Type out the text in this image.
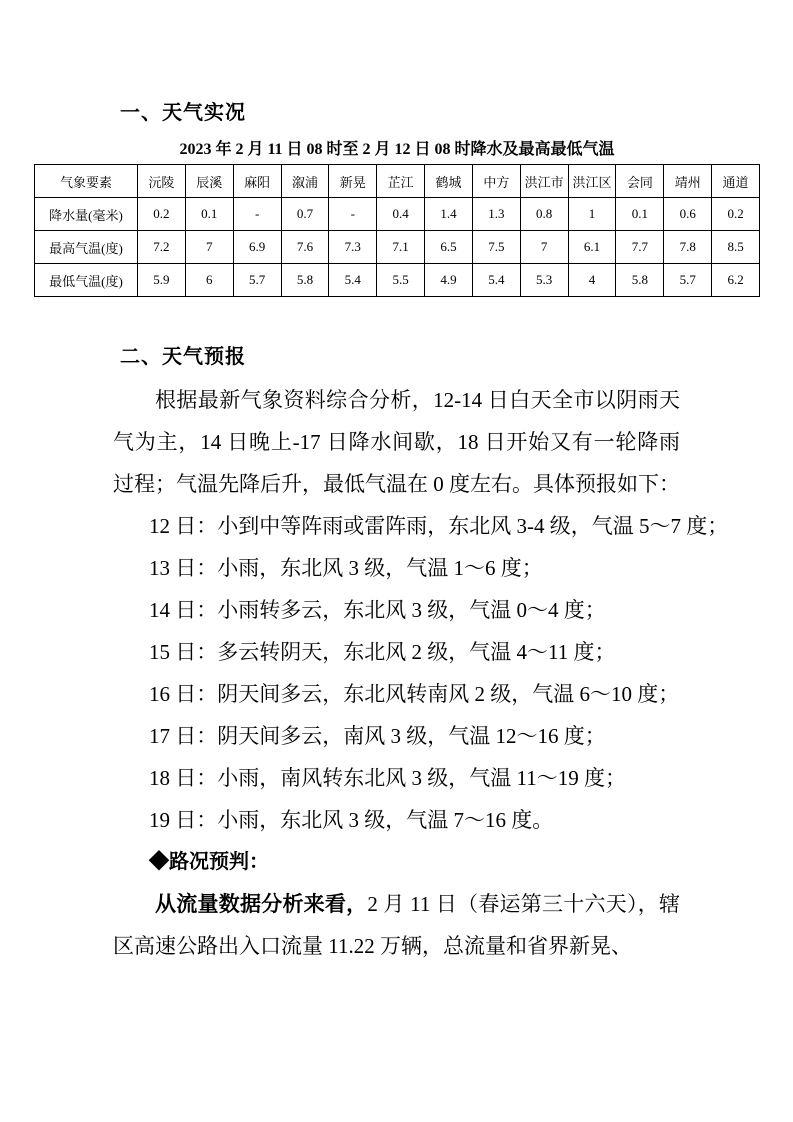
一、天气实况
2023 年 2 月 11 日 08 时至 2 月 12 日 08 时降水及最高最低气温
气象要素	沅陵	辰溪	麻阳	溆浦	新晃	芷江	鹤城	中方	洪江市	洪江区	会同	靖州	通道
降水量(毫米)	0.2	0.1	-	0.7	-	0.4	1.4	1.3	0.8	1	0.1	0.6	0.2
最高气温(度)	7.2	7	6.9	7.6	7.3	7.1	6.5	7.5	7	6.1	7.7	7.8	8.5
最低气温(度)	5.9	6	5.7	5.8	5.4	5.5	4.9	5.4	5.3	4	5.8	5.7	6.2
二、天气预报

根据最新气象资料综合分析，12-14 日白天全市以阴雨天气为主，14 日晚上-17 日降水间歇，18 日开始又有一轮降雨过程；气温先降后升，最低气温在 0 度左右。具体预报如下：

12 日：小到中等阵雨或雷阵雨，东北风 3-4 级，气温 5～7 度；
13 日：小雨，东北风 3 级，气温 1～6 度；
14 日：小雨转多云，东北风 3 级，气温 0～4 度；
15 日：多云转阴天，东北风 2 级，气温 4～11 度；
16 日：阴天间多云，东北风转南风 2 级，气温 6～10 度；
17 日：阴天间多云，南风 3 级，气温 12～16 度；
18 日：小雨，南风转东北风 3 级，气温 11～19 度；
19 日：小雨，东北风 3 级，气温 7～16 度。
◆路况预判：

从流量数据分析来看，2 月 11 日（春运第三十六天），辖区高速公路出入口流量 11.22 万辆，总流量和省界新晃、
